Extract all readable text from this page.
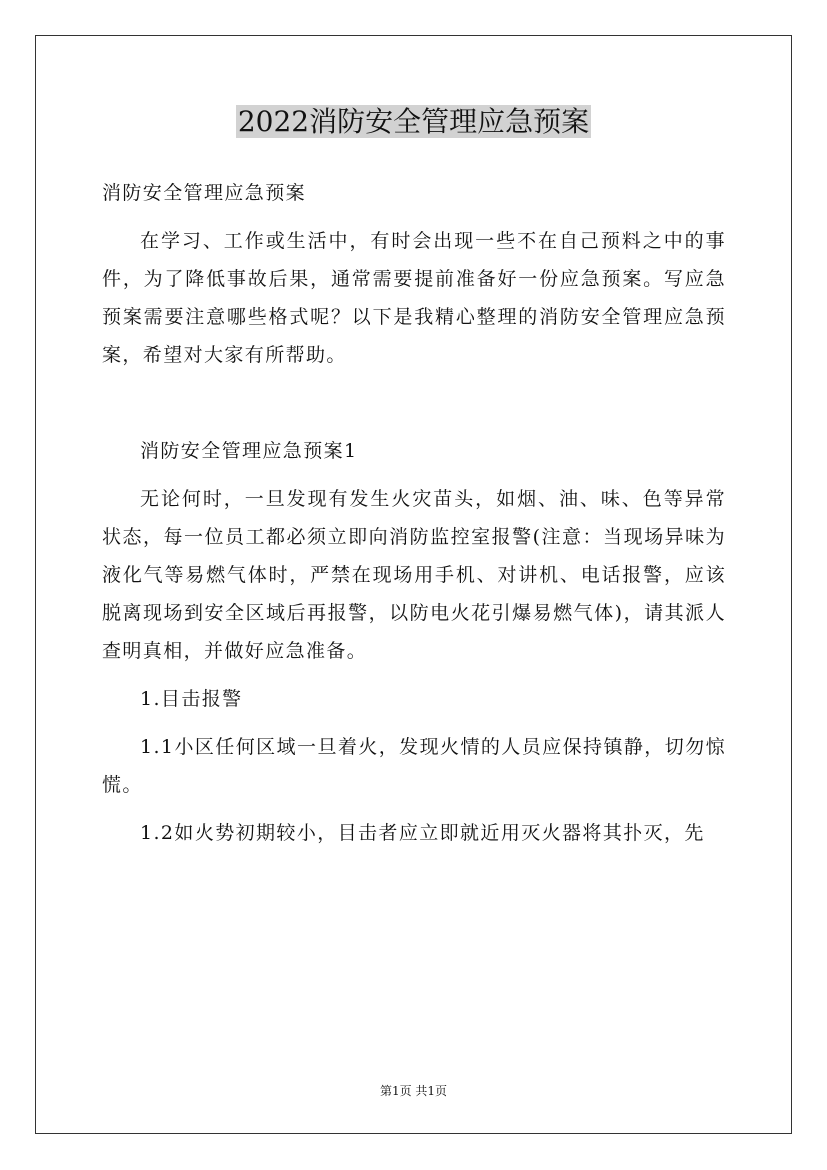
2022消防安全管理应急预案

消防安全管理应急预案

在学习、工作或生活中，有时会出现一些不在自己预料之中的事件，为了降低事故后果，通常需要提前准备好一份应急预案。写应急预案需要注意哪些格式呢？以下是我精心整理的消防安全管理应急预案，希望对大家有所帮助。

消防安全管理应急预案1

无论何时，一旦发现有发生火灾苗头，如烟、油、味、色等异常状态，每一位员工都必须立即向消防监控室报警(注意：当现场异味为液化气等易燃气体时，严禁在现场用手机、对讲机、电话报警，应该脱离现场到安全区域后再报警，以防电火花引爆易燃气体)，请其派人查明真相，并做好应急准备。

1.目击报警

1.1小区任何区域一旦着火，发现火情的人员应保持镇静，切勿惊慌。

1.2如火势初期较小，目击者应立即就近用灭火器将其扑灭，先

第1页 共1页
